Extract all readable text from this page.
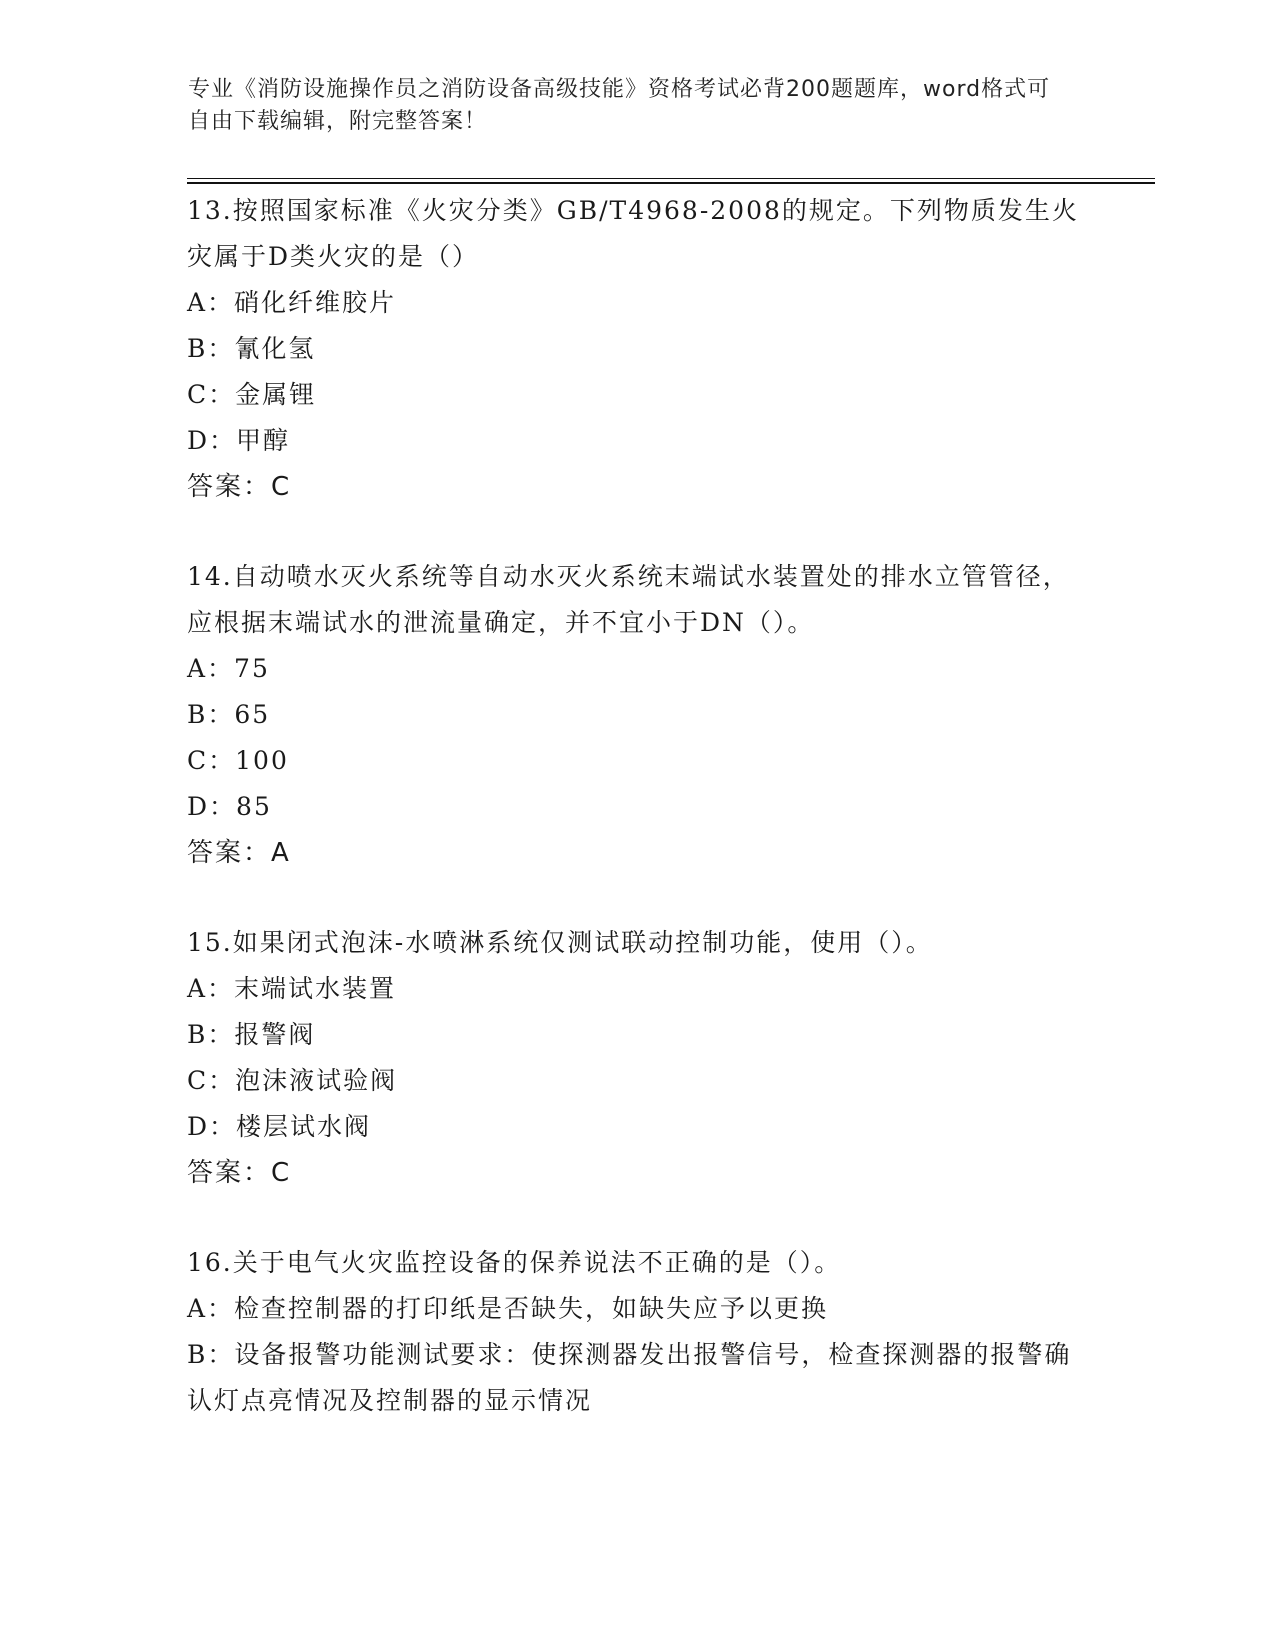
专业《消防设施操作员之消防设备高级技能》资格考试必背200题题库，word格式可自由下载编辑，附完整答案！

13.按照国家标准《火灾分类》GB/T4968-2008的规定。下列物质发生火灾属于D类火灾的是（）

A：硝化纤维胶片

B：氰化氢

C：金属锂

D：甲醇

答案：C

14.自动喷水灭火系统等自动水灭火系统末端试水装置处的排水立管管径，应根据末端试水的泄流量确定，并不宜小于DN（）。

A：75

B：65

C：100

D：85

答案：A

15.如果闭式泡沫-水喷淋系统仅测试联动控制功能，使用（）。

A：末端试水装置

B：报警阀

C：泡沫液试验阀

D：楼层试水阀

答案：C

16.关于电气火灾监控设备的保养说法不正确的是（）。

A：检查控制器的打印纸是否缺失，如缺失应予以更换

B：设备报警功能测试要求：使探测器发出报警信号，检查探测器的报警确认灯点亮情况及控制器的显示情况
